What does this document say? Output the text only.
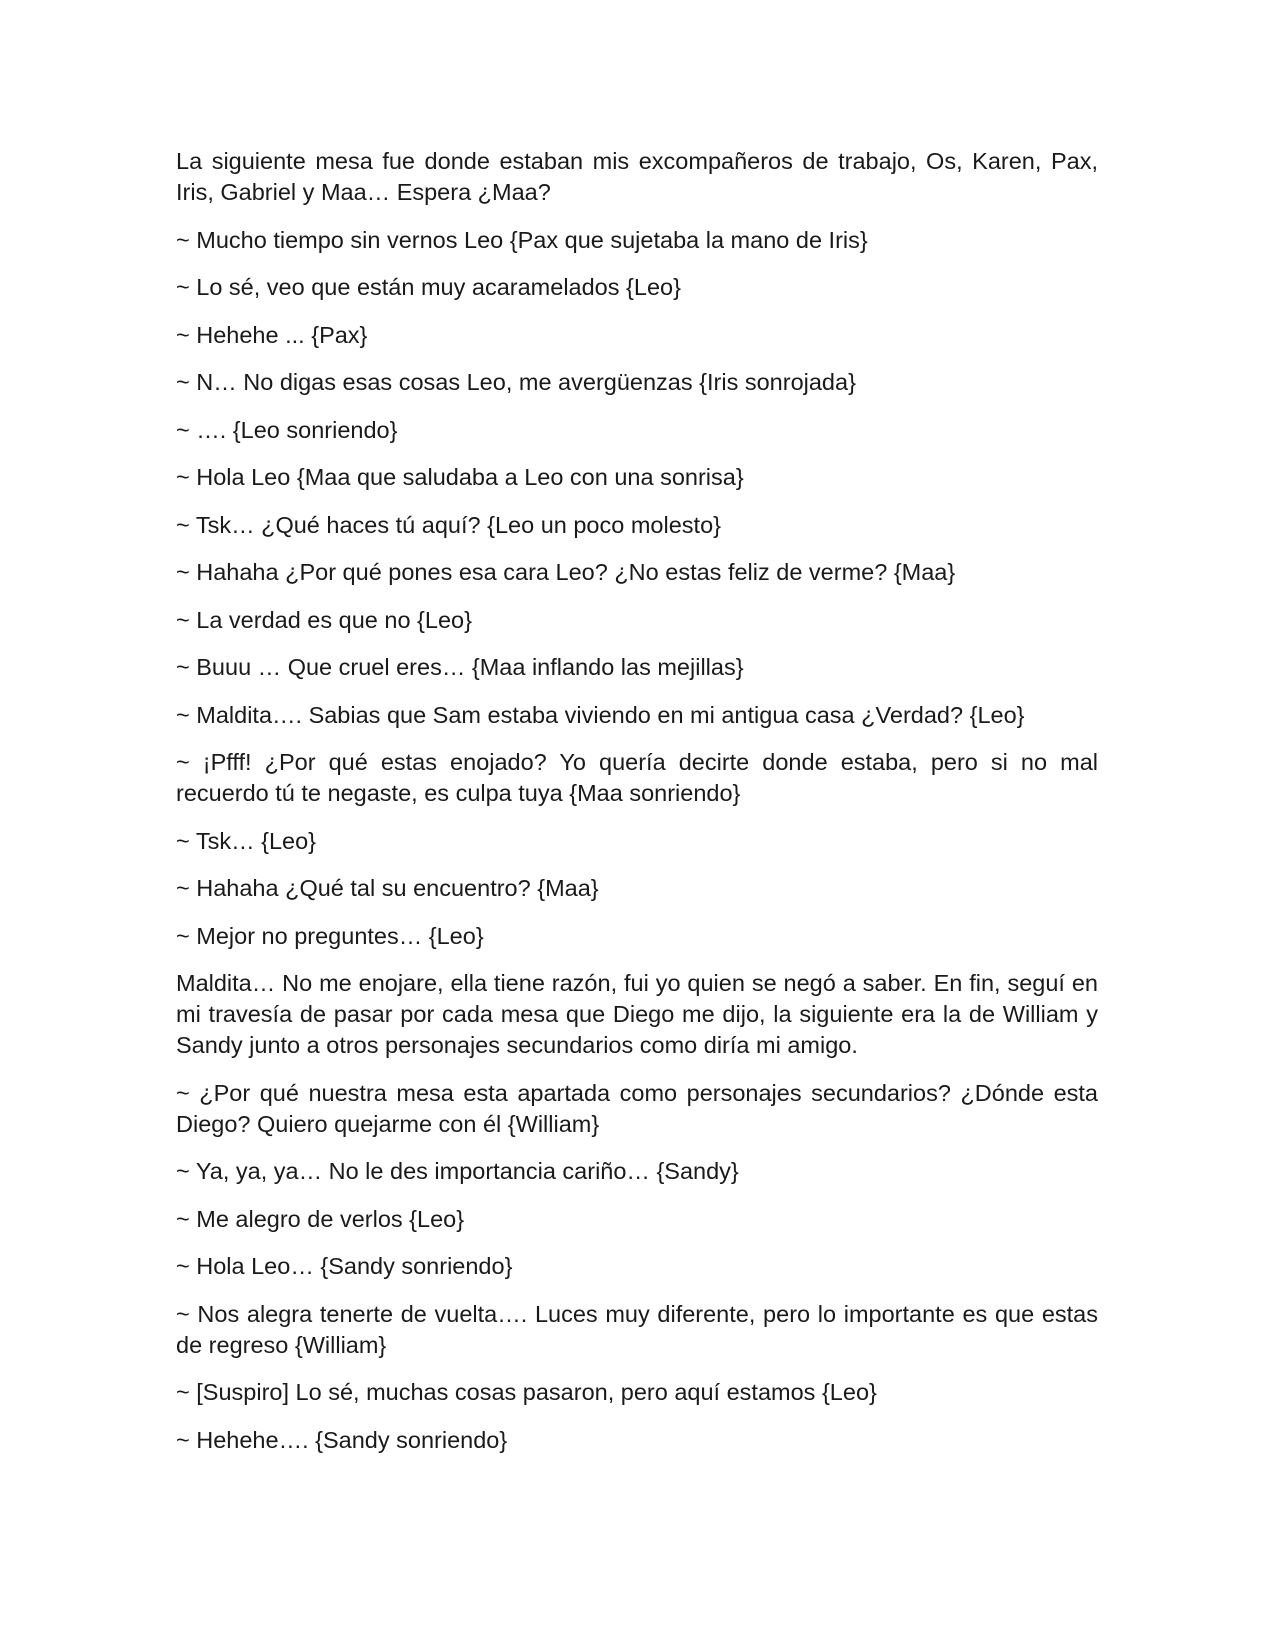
La siguiente mesa fue donde estaban mis excompañeros de trabajo, Os, Karen, Pax, Iris, Gabriel y Maa… Espera ¿Maa?

~ Mucho tiempo sin vernos Leo {Pax que sujetaba la mano de Iris}

~ Lo sé, veo que están muy acaramelados {Leo}

~ Hehehe ... {Pax}

~ N… No digas esas cosas Leo, me avergüenzas {Iris sonrojada}

~ …. {Leo sonriendo}

~ Hola Leo {Maa que saludaba a Leo con una sonrisa}

~ Tsk… ¿Qué haces tú aquí? {Leo un poco molesto}

~ Hahaha ¿Por qué pones esa cara Leo? ¿No estas feliz de verme? {Maa}

~ La verdad es que no {Leo}

~ Buuu … Que cruel eres… {Maa inflando las mejillas}

~ Maldita…. Sabias que Sam estaba viviendo en mi antigua casa ¿Verdad? {Leo}

~ ¡Pfff! ¿Por qué estas enojado? Yo quería decirte donde estaba, pero si no mal recuerdo tú te negaste, es culpa tuya {Maa sonriendo}

~ Tsk… {Leo}

~ Hahaha ¿Qué tal su encuentro? {Maa}

~ Mejor no preguntes… {Leo}

Maldita… No me enojare, ella tiene razón, fui yo quien se negó a saber. En fin, seguí en mi travesía de pasar por cada mesa que Diego me dijo, la siguiente era la de William y Sandy junto a otros personajes secundarios como diría mi amigo.

~ ¿Por qué nuestra mesa esta apartada como personajes secundarios? ¿Dónde esta Diego? Quiero quejarme con él {William}

~ Ya, ya, ya… No le des importancia cariño… {Sandy}

~ Me alegro de verlos {Leo}

~ Hola Leo… {Sandy sonriendo}

~ Nos alegra tenerte de vuelta…. Luces muy diferente, pero lo importante es que estas de regreso {William}

~ [Suspiro] Lo sé, muchas cosas pasaron, pero aquí estamos {Leo}

~ Hehehe…. {Sandy sonriendo}
